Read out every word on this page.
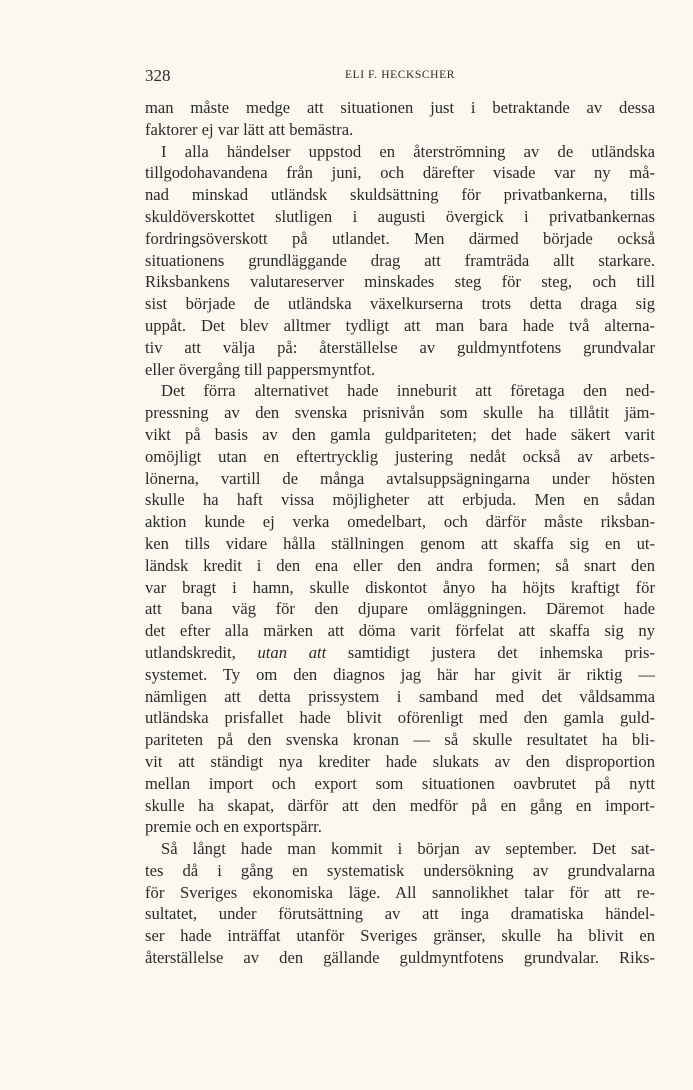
328	ELI F. HECKSCHER
man måste medge att situationen just i betraktande av dessa
faktorer ej var lätt att bemästra.
I alla händelser uppstod en återströmning av de utländska
tillgodohavandena från juni, och därefter visade var ny må-
nad minskad utländsk skuldsättning för privatbankerna, tills
skuldöverskottet slutligen i augusti övergick i privatbankernas
fordringsöverskott på utlandet. Men därmed började också
situationens grundläggande drag att framträda allt starkare.
Riksbankens valutareserver minskades steg för steg, och till
sist började de utländska växelkurserna trots detta draga sig
uppåt. Det blev alltmer tydligt att man bara hade två alterna-
tiv att välja på: återställelse av guldmyntfotens grundvalar
eller övergång till pappersmyntfot.
Det förra alternativet hade inneburit att företaga den ned-
pressning av den svenska prisnivån som skulle ha tillåtit jäm-
vikt på basis av den gamla guldpariteten; det hade säkert varit
omöjligt utan en eftertrycklig justering nedåt också av arbets-
lönerna, vartill de många avtalsuppsägningarna under hösten
skulle ha haft vissa möjligheter att erbjuda. Men en sådan
aktion kunde ej verka omedelbart, och därför måste riksban-
ken tills vidare hålla ställningen genom att skaffa sig en ut-
ländsk kredit i den ena eller den andra formen; så snart den
var bragt i hamn, skulle diskontot ånyo ha höjts kraftigt för
att bana väg för den djupare omläggningen. Däremot hade
det efter alla märken att döma varit förfelat att skaffa sig ny
utlandskredit, utan att samtidigt justera det inhemska pris-
systemet. Ty om den diagnos jag här har givit är riktig —
nämligen att detta prissystem i samband med det våldsamma
utländska prisfallet hade blivit oförenligt med den gamla guld-
pariteten på den svenska kronan — så skulle resultatet ha bli-
vit att ständigt nya krediter hade slukats av den disproportion
mellan import och export som situationen oavbrutet på nytt
skulle ha skapat, därför att den medför på en gång en import-
premie och en exportspärr.
Så långt hade man kommit i början av september. Det sat-
tes då i gång en systematisk undersökning av grundvalarna
för Sveriges ekonomiska läge. All sannolikhet talar för att re-
sultatet, under förutsättning av att inga dramatiska händel-
ser hade inträffat utanför Sveriges gränser, skulle ha blivit en
återställelse av den gällande guldmyntfotens grundvalar. Riks-
